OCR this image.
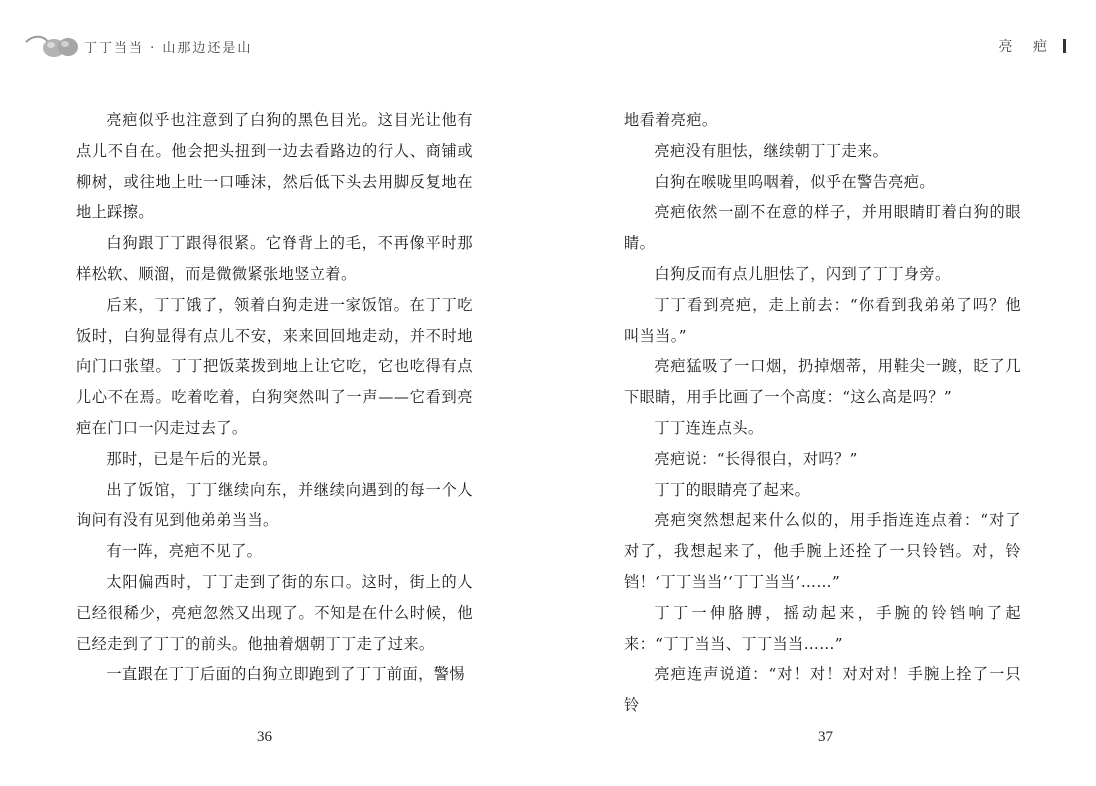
丁丁当当 · 山那边还是山	亮 疤

亮疤似乎也注意到了白狗的黑色目光。这目光让他有点儿不自在。他会把头扭到一边去看路边的行人、商铺或柳树，或往地上吐一口唾沫，然后低下头去用脚反复地在地上踩擦。

白狗跟丁丁跟得很紧。它脊背上的毛，不再像平时那样松软、顺溜，而是微微紧张地竖立着。

后来，丁丁饿了，领着白狗走进一家饭馆。在丁丁吃饭时，白狗显得有点儿不安，来来回回地走动，并不时地向门口张望。丁丁把饭菜拨到地上让它吃，它也吃得有点儿心不在焉。吃着吃着，白狗突然叫了一声——它看到亮疤在门口一闪走过去了。

那时，已是午后的光景。

出了饭馆，丁丁继续向东，并继续向遇到的每一个人询问有没有见到他弟弟当当。

有一阵，亮疤不见了。

太阳偏西时，丁丁走到了街的东口。这时，街上的人已经很稀少，亮疤忽然又出现了。不知是在什么时候，他已经走到了丁丁的前头。他抽着烟朝丁丁走了过来。

一直跟在丁丁后面的白狗立即跑到了丁丁前面，警惕

地看着亮疤。

亮疤没有胆怯，继续朝丁丁走来。

白狗在喉咙里呜咽着，似乎在警告亮疤。

亮疤依然一副不在意的样子，并用眼睛盯着白狗的眼睛。

白狗反而有点儿胆怯了，闪到了丁丁身旁。

丁丁看到亮疤，走上前去：“你看到我弟弟了吗？他叫当当。”

亮疤猛吸了一口烟，扔掉烟蒂，用鞋尖一踱，眨了几下眼睛，用手比画了一个高度：“这么高是吗？”

丁丁连连点头。

亮疤说：“长得很白，对吗？”

丁丁的眼睛亮了起来。

亮疤突然想起来什么似的，用手指连连点着：“对了对了，我想起来了，他手腕上还拴了一只铃铛。对，铃铛！‘丁丁当当’‘丁丁当当’……”

丁丁一伸胳膊，摇动起来，手腕的铃铛响了起来：“丁丁当当、丁丁当当……”

亮疤连声说道：“对！对！对对对！手腕上拴了一只铃

36	37
